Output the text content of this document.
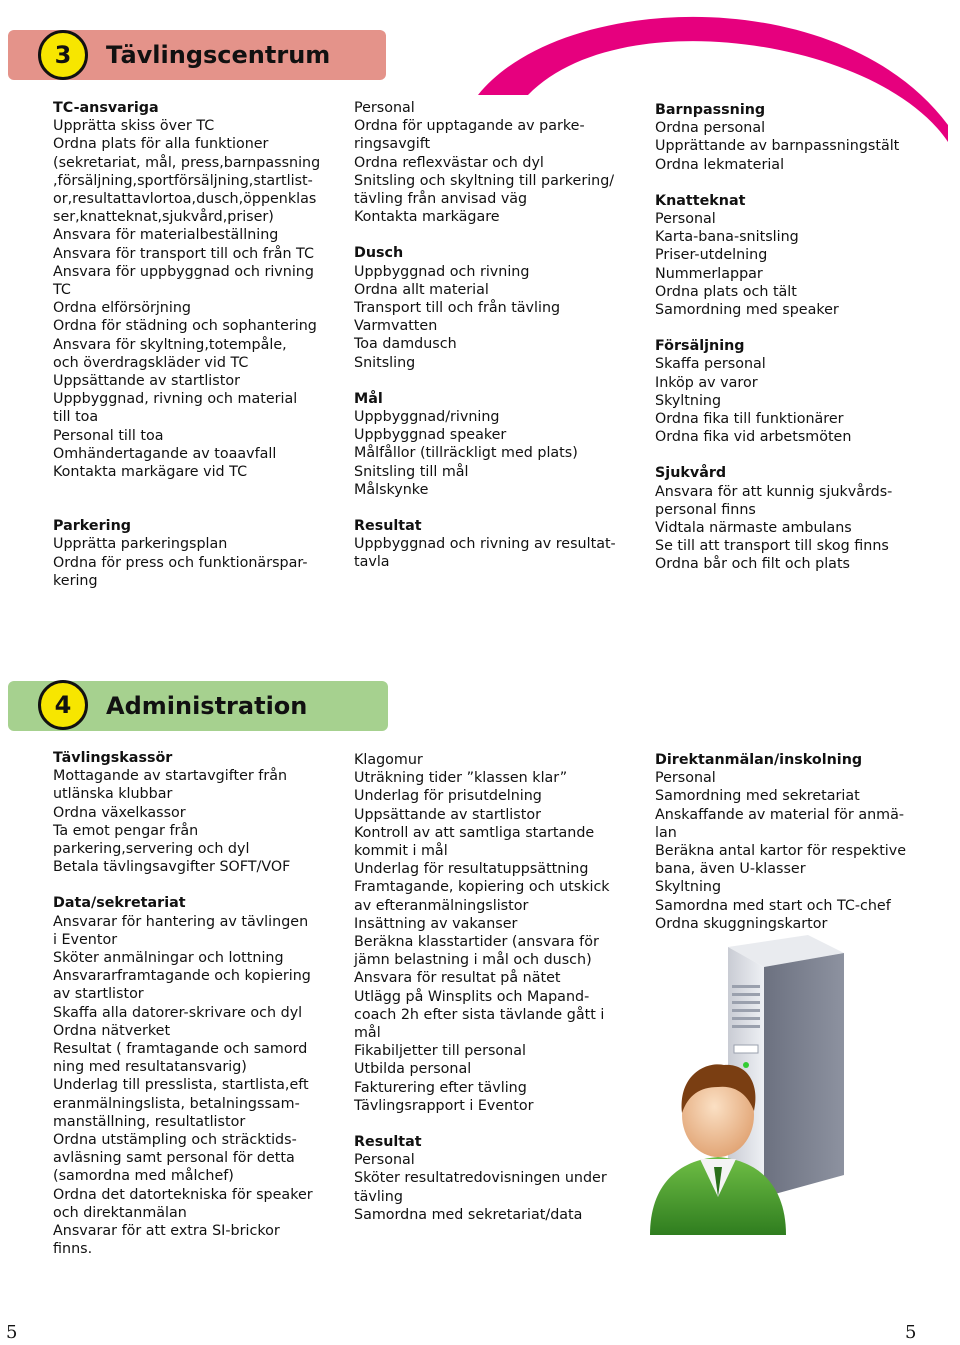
Tävlingscentrum
3
TC-ansvariga
Upprätta skiss över TC
Ordna plats för alla funktioner
(sekretariat, mål, press,barnpassning
,försäljning,sportförsäljning,startlist-
or,resultattavlortoa,dusch,öppenklas
ser,knatteknat,sjukvård,priser)
Ansvara för materialbeställning
Ansvara för transport till och från TC
Ansvara för uppbyggnad och rivning
TC
Ordna elförsörjning
Ordna för städning och sophantering
Ansvara för skyltning,totempåle,
och överdragskläder vid TC
Uppsättande av startlistor
Uppbyggnad, rivning och material
till toa
Personal till toa
Omhändertagande av toaavfall
Kontakta markägare vid TC
Parkering
Upprätta parkeringsplan
Ordna för press och funktionärspar-
kering
Personal
Ordna för upptagande av parke-
ringsavgift
Ordna reflexvästar och dyl
Snitsling och skyltning till parkering/
tävling från anvisad väg
Kontakta markägare
Dusch
Uppbyggnad och rivning
Ordna allt material
Transport till och från tävling
Varmvatten
Toa damdusch
Snitsling
Mål
Uppbyggnad/rivning
Uppbyggnad speaker
Målfållor (tillräckligt med plats)
Snitsling till mål
Målskynke
Resultat
Uppbyggnad och rivning av resultat-
tavla
Barnpassning
Ordna personal
Upprättande av barnpassningstält
Ordna lekmaterial
Knatteknat
Personal
Karta-bana-snitsling
Priser-utdelning
Nummerlappar
Ordna plats och tält
Samordning med speaker
Försäljning
Skaffa personal
Inköp av varor
Skyltning
Ordna fika till funktionärer
Ordna fika vid arbetsmöten
Sjukvård
Ansvara för att kunnig sjukvårds-
personal finns
Vidtala närmaste ambulans
Se till att transport till skog finns
Ordna bår och filt och plats
Administration
4
Tävlingskassör
Mottagande av startavgifter från
utlänska klubbar
Ordna växelkassor
Ta emot pengar från
parkering,servering och dyl
Betala tävlingsavgifter SOFT/VOF
Data/sekretariat
Ansvarar för hantering av tävlingen
i Eventor
Sköter anmälningar och lottning
Ansvararframtagande och kopiering
av startlistor
Skaffa alla datorer-skrivare och dyl
Ordna nätverket
Resultat ( framtagande och samord
ning med resultatansvarig)
Underlag till presslista, startlista,eft
eranmälningslista, betalningssam-
manställning, resultatlistor
Ordna utstämpling och sträcktids-
avläsning samt personal för detta
(samordna med målchef)
Ordna det datortekniska för speaker
och direktanmälan
Ansvarar för att extra SI-brickor
finns.
Klagomur
Uträkning tider ”klassen klar”
Underlag för prisutdelning
Uppsättande av startlistor
Kontroll av att samtliga startande
kommit i mål
Underlag för resultatuppsättning
Framtagande, kopiering och utskick
av efteranmälningslistor
Insättning av vakanser
Beräkna klasstartider (ansvara för
jämn belastning i mål och dusch)
Ansvara för resultat på nätet
Utlägg på Winsplits och Mapand-
coach 2h efter sista tävlande gått i
mål
Fikabiljetter till personal
Utbilda personal
Fakturering efter tävling
Tävlingsrapport i Eventor
Resultat
Personal
Sköter resultatredovisningen under
tävling
Samordna med sekretariat/data
Direktanmälan/inskolning
Personal
Samordning med sekretariat
Anskaffande av material för anmä-
lan
Beräkna antal kartor för respektive
bana, även U-klasser
Skyltning
Samordna med start och TC-chef
Ordna skuggningskartor
5	5
